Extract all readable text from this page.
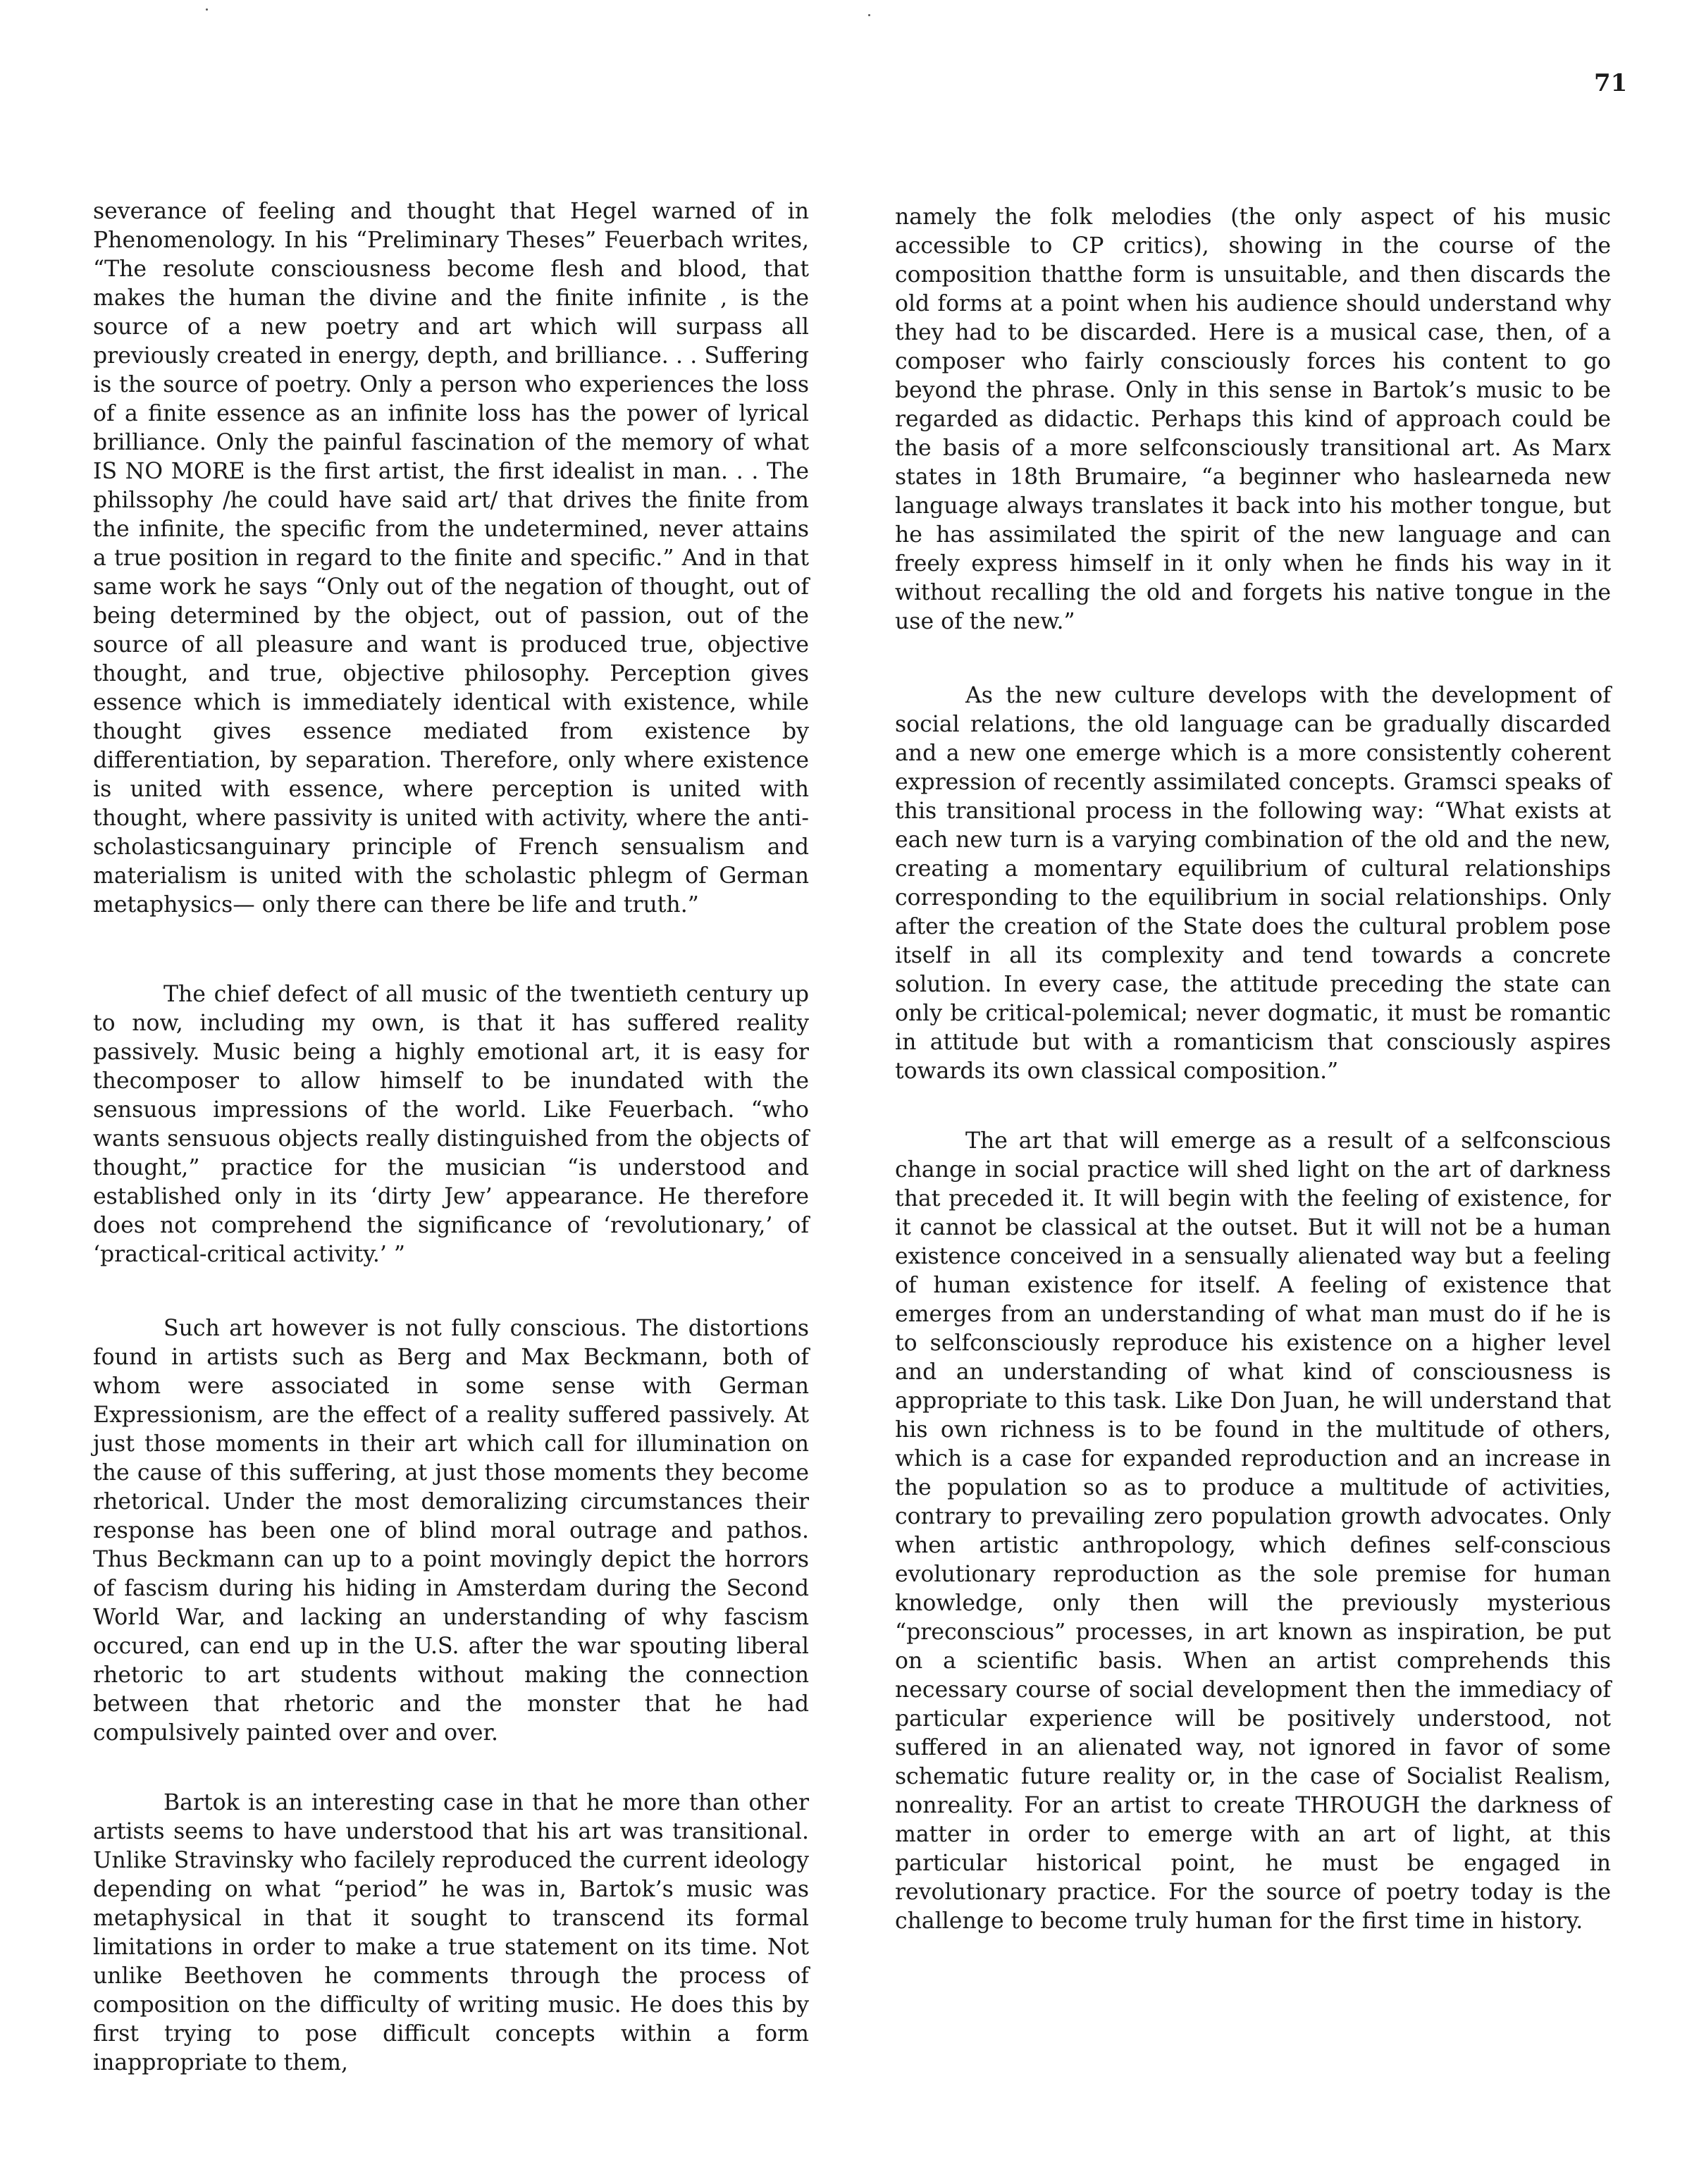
71

severance of feeling and thought that Hegel warned of in Phenomenology. In his “Preliminary Theses” Feuerbach writes, “The resolute consciousness become flesh and blood, that makes the human the divine and the finite infinite , is the source of a new poetry and art which will surpass all previously created in energy, depth, and brilliance. . . Suffering is the source of poetry. Only a person who experiences the loss of a finite essence as an infinite loss has the power of lyrical brilliance. Only the painful fascination of the memory of what IS NO MORE is the first artist, the first idealist in man. . . The philssophy /he could have said art/ that drives the finite from the infinite, the specific from the undetermined, never attains a true position in regard to the finite and specific.” And in that same work he says “Only out of the negation of thought, out of being determined by the object, out of passion, out of the source of all pleasure and want is produced true, objective thought, and true, objective philosophy. Perception gives essence which is immediately identical with existence, while thought gives essence mediated from existence by differentiation, by separation. Therefore, only where existence is united with essence, where perception is united with thought, where passivity is united with activity, where the anti-scholasticsanguinary principle of French sensualism and materialism is united with the scholastic phlegm of German metaphysics— only there can there be life and truth.”

The chief defect of all music of the twentieth century up to now, including my own, is that it has suffered reality passively. Music being a highly emotional art, it is easy for thecomposer to allow himself to be inundated with the sensuous impressions of the world. Like Feuerbach. “who wants sensuous objects really distinguished from the objects of thought,” practice for the musician “is understood and established only in its ‘dirty Jew’ appearance. He therefore does not comprehend the significance of ‘revolutionary,’ of ‘practical-critical activity.’ ”

Such art however is not fully conscious. The distortions found in artists such as Berg and Max Beckmann, both of whom were associated in some sense with German Expressionism, are the effect of a reality suffered passively. At just those moments in their art which call for illumination on the cause of this suffering, at just those moments they become rhetorical. Under the most demoralizing circumstances their response has been one of blind moral outrage and pathos. Thus Beckmann can up to a point movingly depict the horrors of fascism during his hiding in Amsterdam during the Second World War, and lacking an understanding of why fascism occured, can end up in the U.S. after the war spouting liberal rhetoric to art students without making the connection between that rhetoric and the monster that he had compulsively painted over and over.

Bartok is an interesting case in that he more than other artists seems to have understood that his art was transitional. Unlike Stravinsky who facilely reproduced the current ideology depending on what “period” he was in, Bartok’s music was metaphysical in that it sought to transcend its formal limitations in order to make a true statement on its time. Not unlike Beethoven he comments through the process of composition on the difficulty of writing music. He does this by first trying to pose difficult concepts within a form inappropriate to them,

namely the folk melodies (the only aspect of his music accessible to CP critics), showing in the course of the composition thatthe form is unsuitable, and then discards the old forms at a point when his audience should understand why they had to be discarded. Here is a musical case, then, of a composer who fairly consciously forces his content to go beyond the phrase. Only in this sense in Bartok’s music to be regarded as didactic. Perhaps this kind of approach could be the basis of a more selfconsciously transitional art. As Marx states in 18th Brumaire, “a beginner who haslearneda new language always translates it back into his mother tongue, but he has assimilated the spirit of the new language and can freely express himself in it only when he finds his way in it without recalling the old and forgets his native tongue in the use of the new.”

As the new culture develops with the development of social relations, the old language can be gradually discarded and a new one emerge which is a more consistently coherent expression of recently assimilated concepts. Gramsci speaks of this transitional process in the following way: “What exists at each new turn is a varying combination of the old and the new, creating a momentary equilibrium of cultural relationships corresponding to the equilibrium in social relationships. Only after the creation of the State does the cultural problem pose itself in all its complexity and tend towards a concrete solution. In every case, the attitude preceding the state can only be critical-polemical; never dogmatic, it must be romantic in attitude but with a romanticism that consciously aspires towards its own classical composition.”

The art that will emerge as a result of a selfconscious change in social practice will shed light on the art of darkness that preceded it. It will begin with the feeling of existence, for it cannot be classical at the outset. But it will not be a human existence conceived in a sensually alienated way but a feeling of human existence for itself. A feeling of existence that emerges from an understanding of what man must do if he is to selfconsciously reproduce his existence on a higher level and an understanding of what kind of consciousness is appropriate to this task. Like Don Juan, he will understand that his own richness is to be found in the multitude of others, which is a case for expanded reproduction and an increase in the population so as to produce a multitude of activities, contrary to prevailing zero population growth advocates. Only when artistic anthropology, which defines self-conscious evolutionary reproduction as the sole premise for human knowledge, only then will the previously mysterious “preconscious” processes, in art known as inspiration, be put on a scientific basis. When an artist comprehends this necessary course of social development then the immediacy of particular experience will be positively understood, not suffered in an alienated way, not ignored in favor of some schematic future reality or, in the case of Socialist Realism, nonreality. For an artist to create THROUGH the darkness of matter in order to emerge with an art of light, at this particular historical point, he must be engaged in revolutionary practice. For the source of poetry today is the challenge to become truly human for the first time in history.
